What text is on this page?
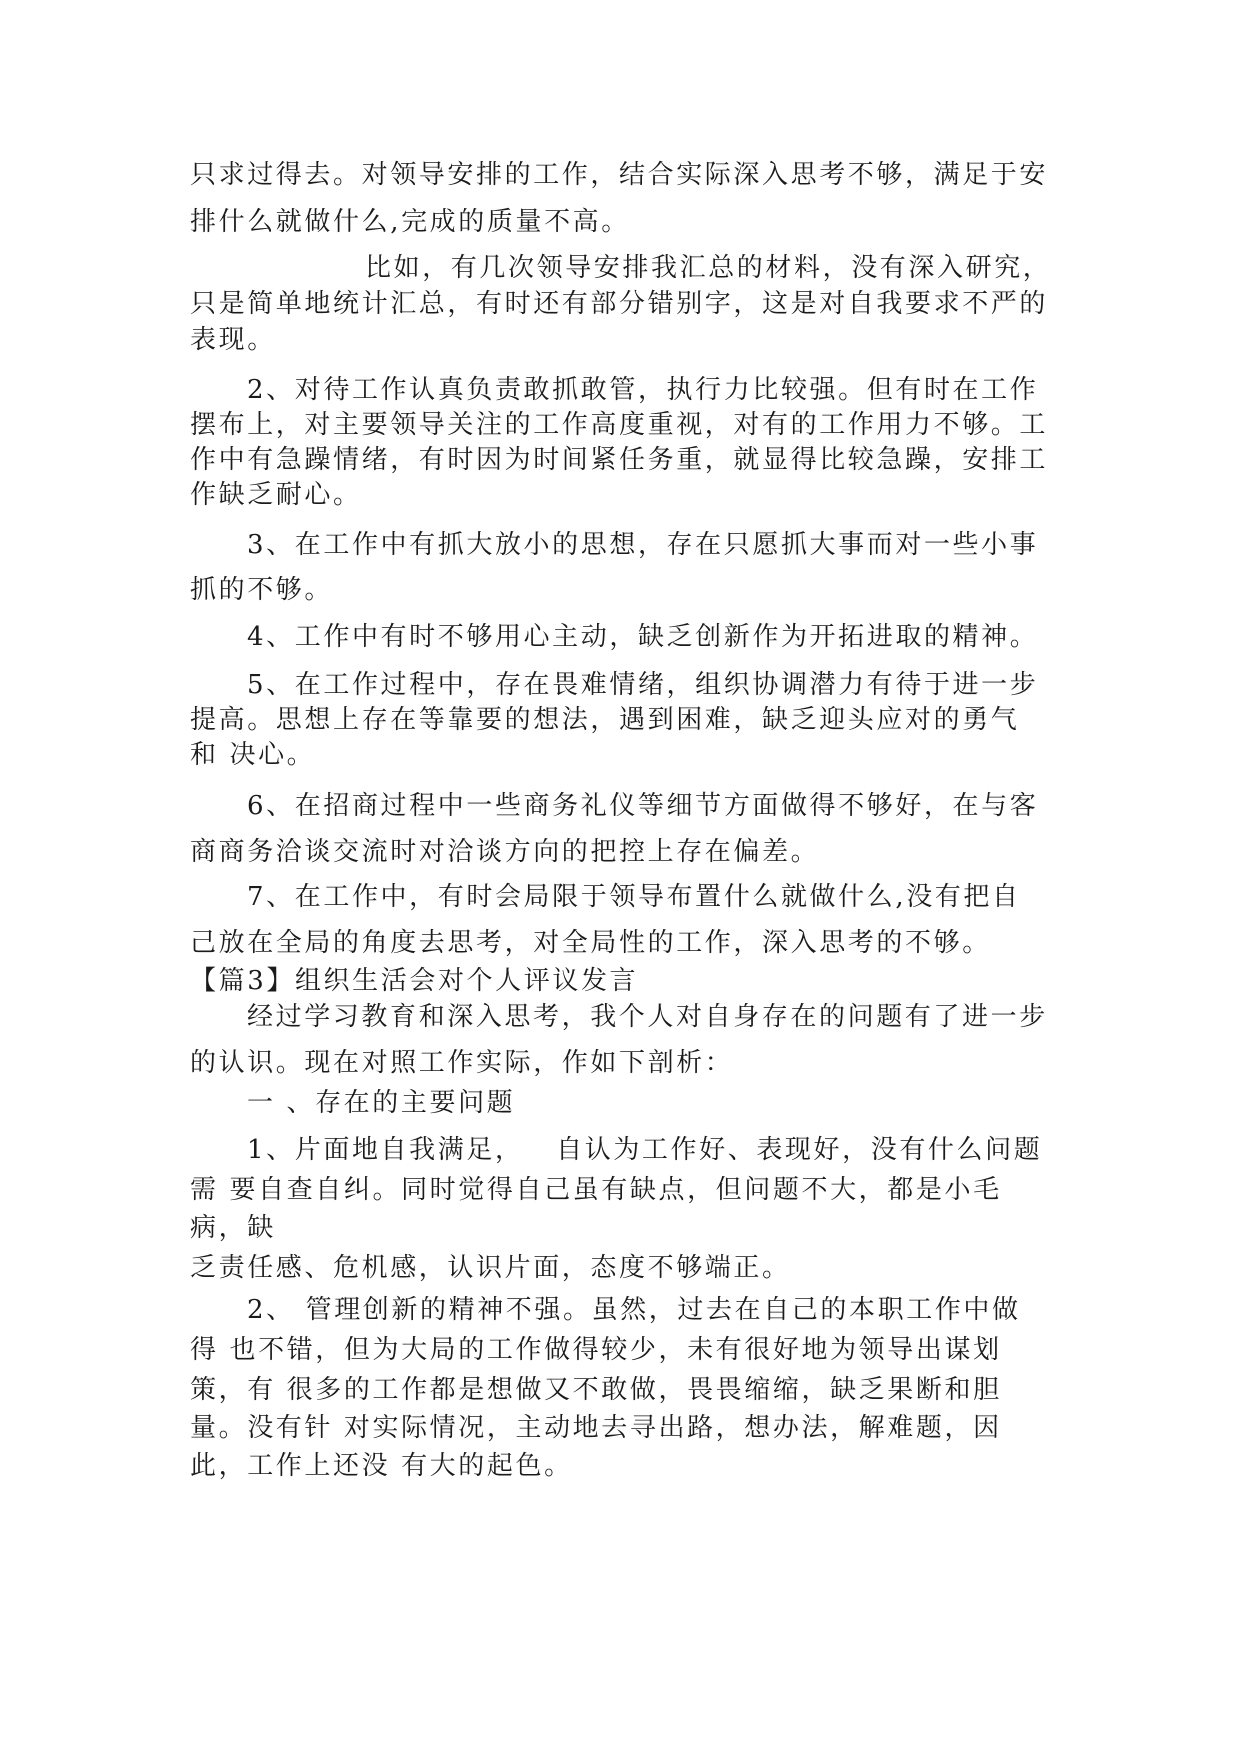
只求过得去。对领导安排的工作，结合实际深入思考不够，满足于安
排什么就做什么,完成的质量不高。
比如，有几次领导安排我汇总的材料，没有深入研究，
只是简单地统计汇总，有时还有部分错别字，这是对自我要求不严的
表现。
2、对待工作认真负责敢抓敢管，执行力比较强。但有时在工作
摆布上，对主要领导关注的工作高度重视，对有的工作用力不够。工
作中有急躁情绪，有时因为时间紧任务重，就显得比较急躁，安排工
作缺乏耐心。
3、在工作中有抓大放小的思想，存在只愿抓大事而对一些小事
抓的不够。
4、工作中有时不够用心主动，缺乏创新作为开拓进取的精神。
5、在工作过程中，存在畏难情绪，组织协调潜力有待于进一步
提高。思想上存在等靠要的想法，遇到困难，缺乏迎头应对的勇气
和 决心。
6、在招商过程中一些商务礼仪等细节方面做得不够好，在与客
商商务洽谈交流时对洽谈方向的把控上存在偏差。
7、在工作中，有时会局限于领导布置什么就做什么,没有把自
己放在全局的角度去思考，对全局性的工作，深入思考的不够。
【篇3】组织生活会对个人评议发言
经过学习教育和深入思考，我个人对自身存在的问题有了进一步
的认识。现在对照工作实际，作如下剖析：
一 、存在的主要问题
1、片面地自我满足，   自认为工作好、表现好，没有什么问题
需 要自查自纠。同时觉得自己虽有缺点，但问题不大，都是小毛
病，缺
乏责任感、危机感，认识片面，态度不够端正。
2、 管理创新的精神不强。虽然，过去在自己的本职工作中做
得 也不错，但为大局的工作做得较少，未有很好地为领导出谋划
策，有 很多的工作都是想做又不敢做，畏畏缩缩，缺乏果断和胆
量。没有针 对实际情况，主动地去寻出路，想办法，解难题，因
此，工作上还没 有大的起色。
